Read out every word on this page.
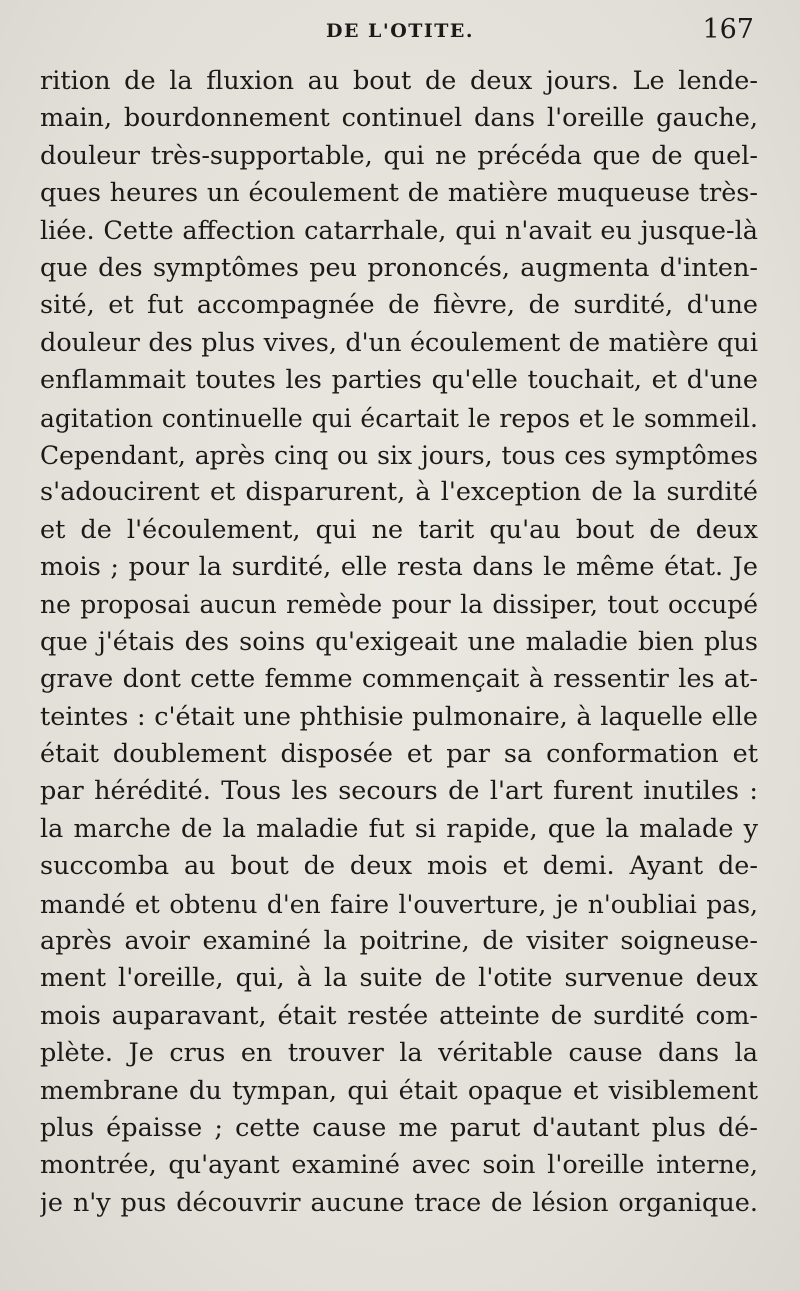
DE L'OTITE.	167
rition de la fluxion au bout de deux jours. Le lende-
main, bourdonnement continuel dans l'oreille gauche,
douleur très-supportable, qui ne précéda que de quel-
ques heures un écoulement de matière muqueuse très-
liée. Cette affection catarrhale, qui n'avait eu jusque-là
que des symptômes peu prononcés, augmenta d'inten-
sité, et fut accompagnée de fièvre, de surdité, d'une
douleur des plus vives, d'un écoulement de matière qui
enflammait toutes les parties qu'elle touchait, et d'une
agitation continuelle qui écartait le repos et le sommeil.
Cependant, après cinq ou six jours, tous ces symptômes
s'adoucirent et disparurent, à l'exception de la surdité
et de l'écoulement, qui ne tarit qu'au bout de deux
mois ; pour la surdité, elle resta dans le même état. Je
ne proposai aucun remède pour la dissiper, tout occupé
que j'étais des soins qu'exigeait une maladie bien plus
grave dont cette femme commençait à ressentir les at-
teintes : c'était une phthisie pulmonaire, à laquelle elle
était doublement disposée et par sa conformation et
par hérédité. Tous les secours de l'art furent inutiles :
la marche de la maladie fut si rapide, que la malade y
succomba au bout de deux mois et demi. Ayant de-
mandé et obtenu d'en faire l'ouverture, je n'oubliai pas,
après avoir examiné la poitrine, de visiter soigneuse-
ment l'oreille, qui, à la suite de l'otite survenue deux
mois auparavant, était restée atteinte de surdité com-
plète. Je crus en trouver la véritable cause dans la
membrane du tympan, qui était opaque et visiblement
plus épaisse ; cette cause me parut d'autant plus dé-
montrée, qu'ayant examiné avec soin l'oreille interne,
je n'y pus découvrir aucune trace de lésion organique.
